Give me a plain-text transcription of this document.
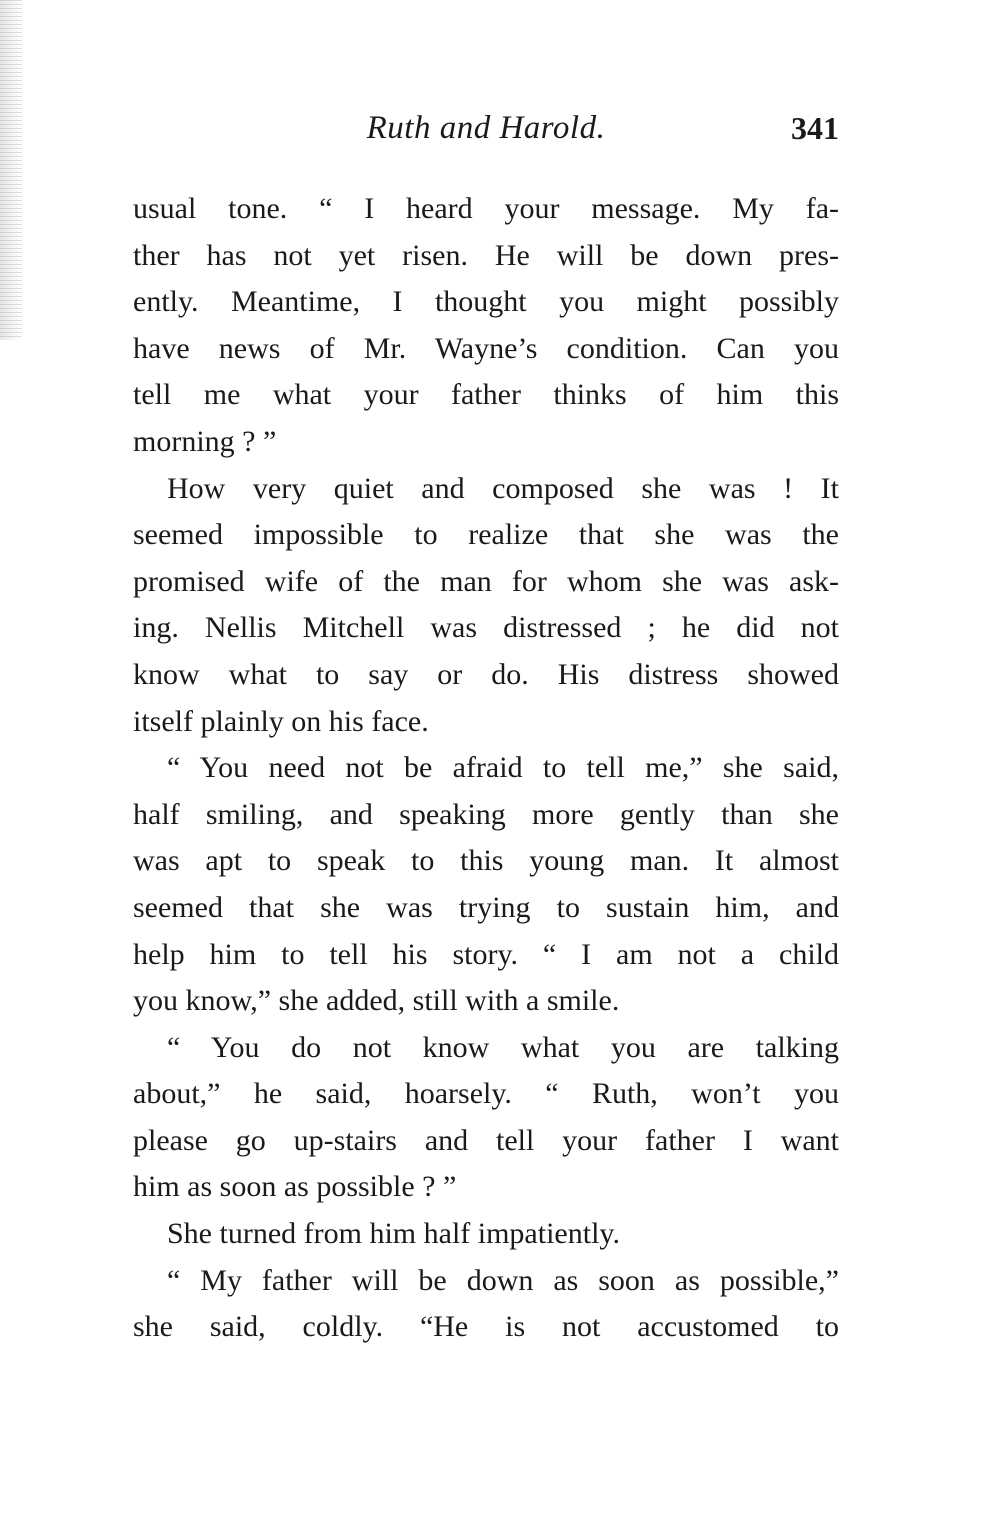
Ruth and Harold.	341
usual tone. “ I heard your message. My fa-
ther has not yet risen. He will be down pres-
ently. Meantime, I thought you might possibly
have news of Mr. Wayne’s condition. Can you
tell me what your father thinks of him this
morning ? ”
How very quiet and composed she was ! It
seemed impossible to realize that she was the
promised wife of the man for whom she was ask-
ing. Nellis Mitchell was distressed ; he did not
know what to say or do. His distress showed
itself plainly on his face.
“ You need not be afraid to tell me,” she said,
half smiling, and speaking more gently than she
was apt to speak to this young man. It almost
seemed that she was trying to sustain him, and
help him to tell his story. “ I am not a child
you know,” she added, still with a smile.
“ You do not know what you are talking
about,” he said, hoarsely. “ Ruth, won’t you
please go up-stairs and tell your father I want
him as soon as possible ? ”
She turned from him half impatiently.
“ My father will be down as soon as possible,”
she said, coldly. “He is not accustomed to
